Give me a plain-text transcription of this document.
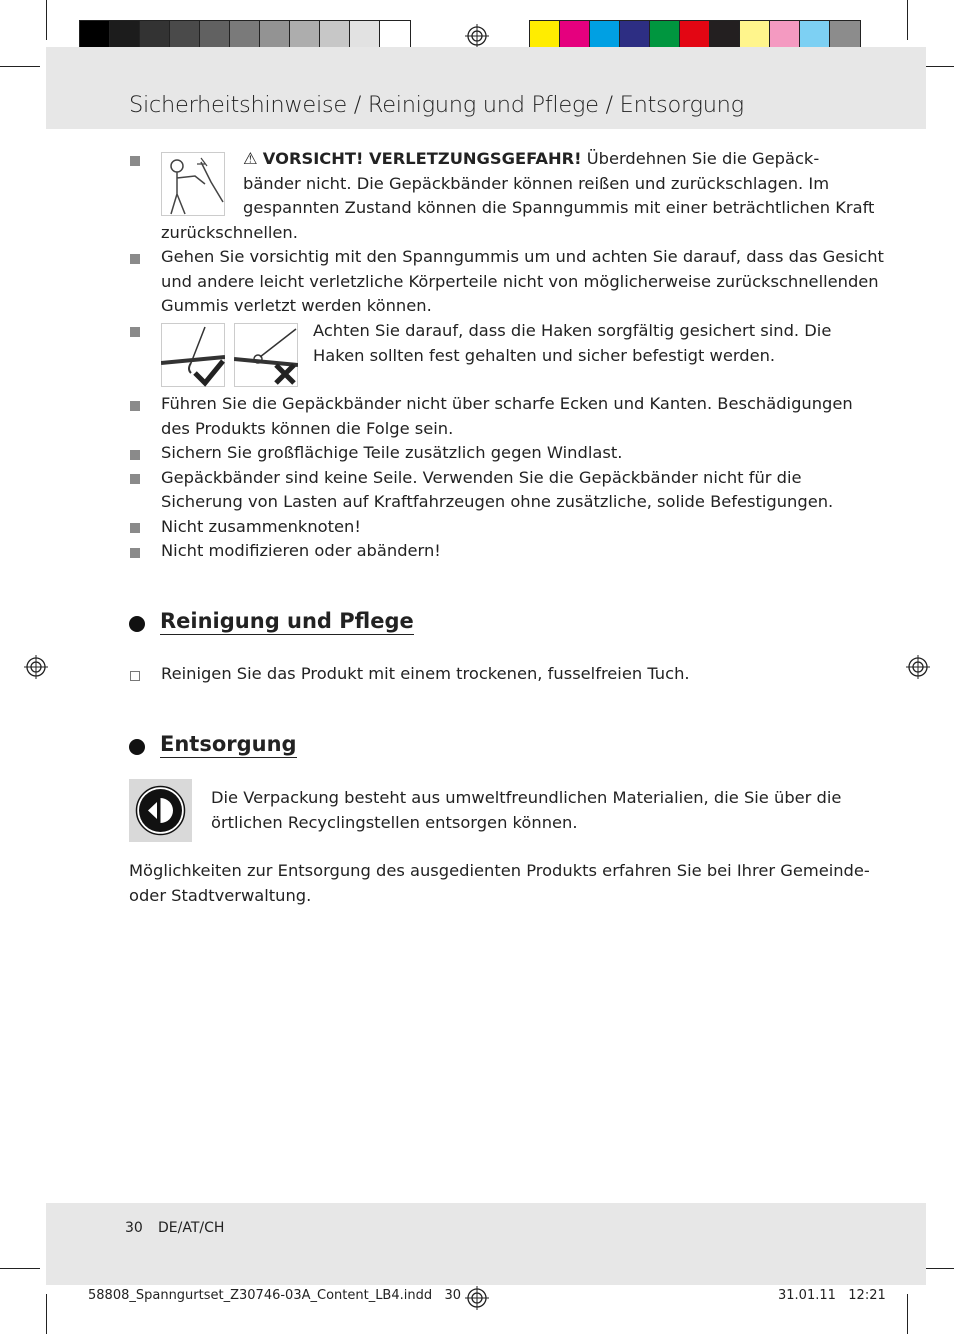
Sicherheitshinweise / Reinigung und Pflege / Entsorgung
⚠ VORSICHT! VERLETZUNGSGEFAHR! Überdehnen Sie die Gepäck-
bänder nicht. Die Gepäckbänder können reißen und zurückschlagen. Im
gespannten Zustand können die Spanngummis mit einer beträchtlichen Kraft
zurückschnellen.
Gehen Sie vorsichtig mit den Spanngummis um und achten Sie darauf, dass das Gesicht
und andere leicht verletzliche Körperteile nicht von möglicherweise zurückschnellenden
Gummis verletzt werden können.
Achten Sie darauf, dass die Haken sorgfältig gesichert sind. Die
Haken sollten fest gehalten und sicher befestigt werden.
Führen Sie die Gepäckbänder nicht über scharfe Ecken und Kanten. Beschädigungen
des Produkts können die Folge sein.
Sichern Sie großflächige Teile zusätzlich gegen Windlast.
Gepäckbänder sind keine Seile. Verwenden Sie die Gepäckbänder nicht für die
Sicherung von Lasten auf Kraftfahrzeugen ohne zusätzliche, solide Befestigungen.
Nicht zusammenknoten!
Nicht modifizieren oder abändern!
Reinigung und Pflege
Reinigen Sie das Produkt mit einem trockenen, fusselfreien Tuch.
Entsorgung
Die Verpackung besteht aus umweltfreundlichen Materialien, die Sie über die
örtlichen Recyclingstellen entsorgen können.
Möglichkeiten zur Entsorgung des ausgedienten Produkts erfahren Sie bei Ihrer Gemeinde-
oder Stadtverwaltung.
30 DE/AT/CH
58808_Spanngurtset_Z30746-03A_Content_LB4.indd   30	31.01.11   12:21
